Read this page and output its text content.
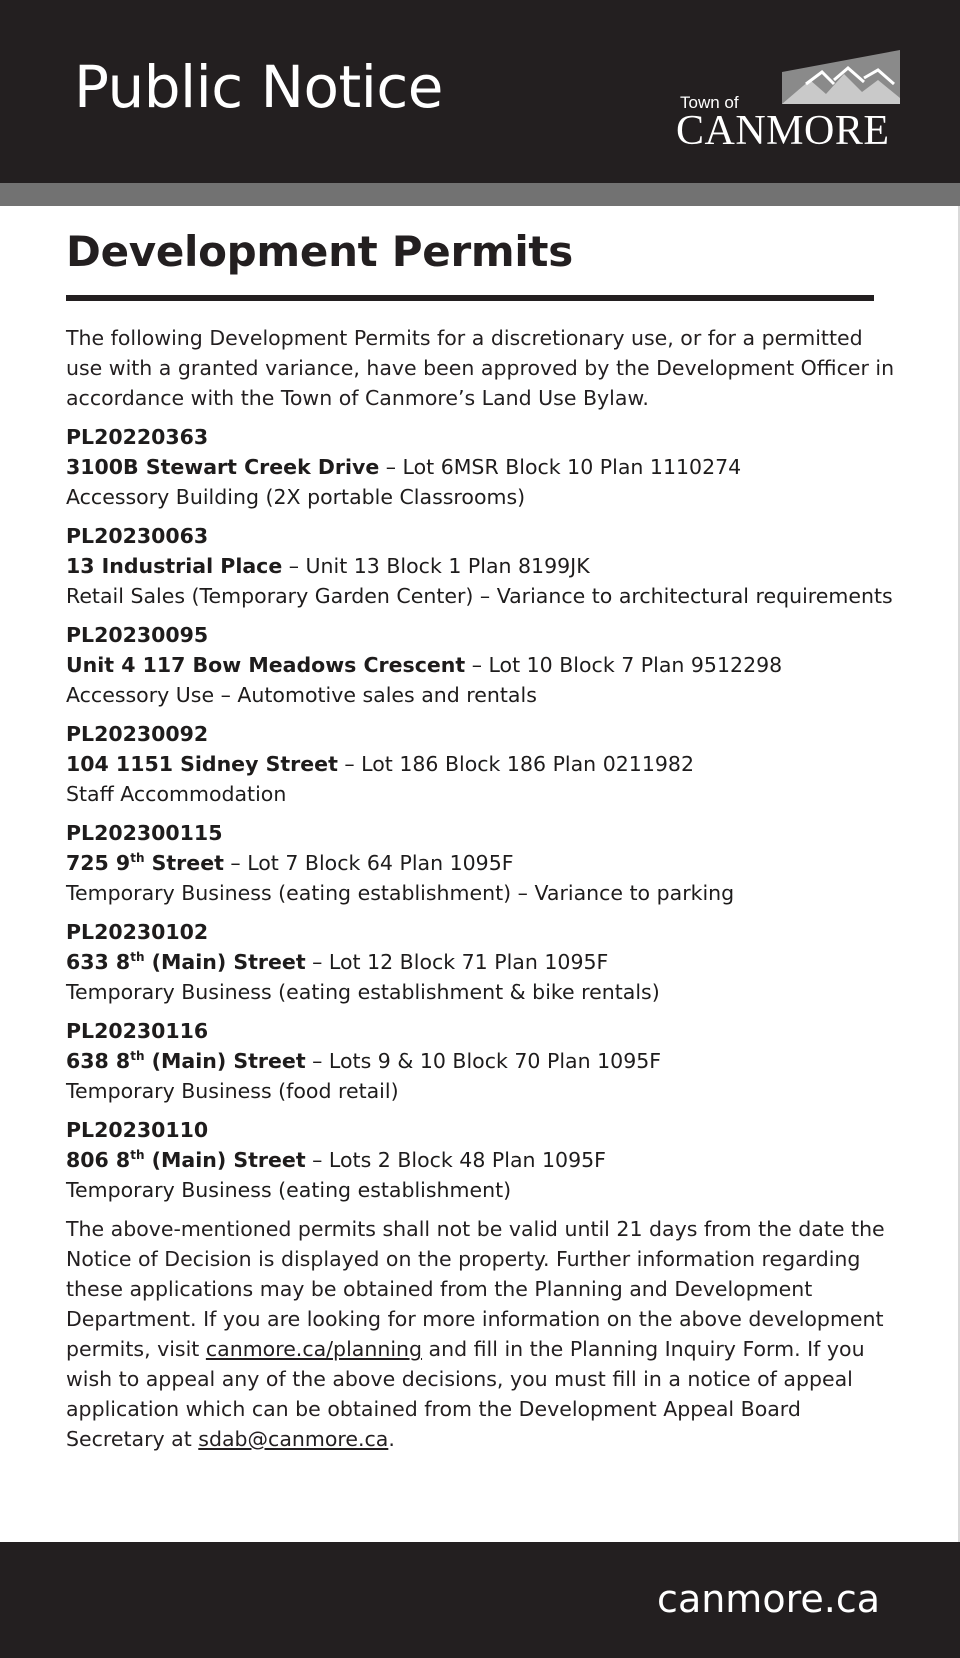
Public Notice	Town of
CANMORE
Development Permits

The following Development Permits for a discretionary use, or for a permitted use with a granted variance, have been approved by the Development Officer in accordance with the Town of Canmore’s Land Use Bylaw.

PL20220363
3100B Stewart Creek Drive – Lot 6MSR Block 10 Plan 1110274
Accessory Building (2X portable Classrooms)
PL20230063
13 Industrial Place – Unit 13 Block 1 Plan 8199JK
Retail Sales (Temporary Garden Center) – Variance to architectural requirements
PL20230095
Unit 4 117 Bow Meadows Crescent – Lot 10 Block 7 Plan 9512298
Accessory Use – Automotive sales and rentals
PL20230092
104 1151 Sidney Street – Lot 186 Block 186 Plan 0211982
Staff Accommodation
PL202300115
725 9th Street – Lot 7 Block 64 Plan 1095F
Temporary Business (eating establishment) – Variance to parking
PL20230102
633 8th (Main) Street – Lot 12 Block 71 Plan 1095F
Temporary Business (eating establishment & bike rentals)
PL20230116
638 8th (Main) Street – Lots 9 & 10 Block 70 Plan 1095F
Temporary Business (food retail)
PL20230110
806 8th (Main) Street – Lots 2 Block 48 Plan 1095F
Temporary Business (eating establishment)

The above-mentioned permits shall not be valid until 21 days from the date the Notice of Decision is displayed on the property. Further information regarding these applications may be obtained from the Planning and Development Department. If you are looking for more information on the above development permits, visit canmore.ca/planning and fill in the Planning Inquiry Form. If you wish to appeal any of the above decisions, you must fill in a notice of appeal application which can be obtained from the Development Appeal Board Secretary at sdab@canmore.ca.

canmore.ca
